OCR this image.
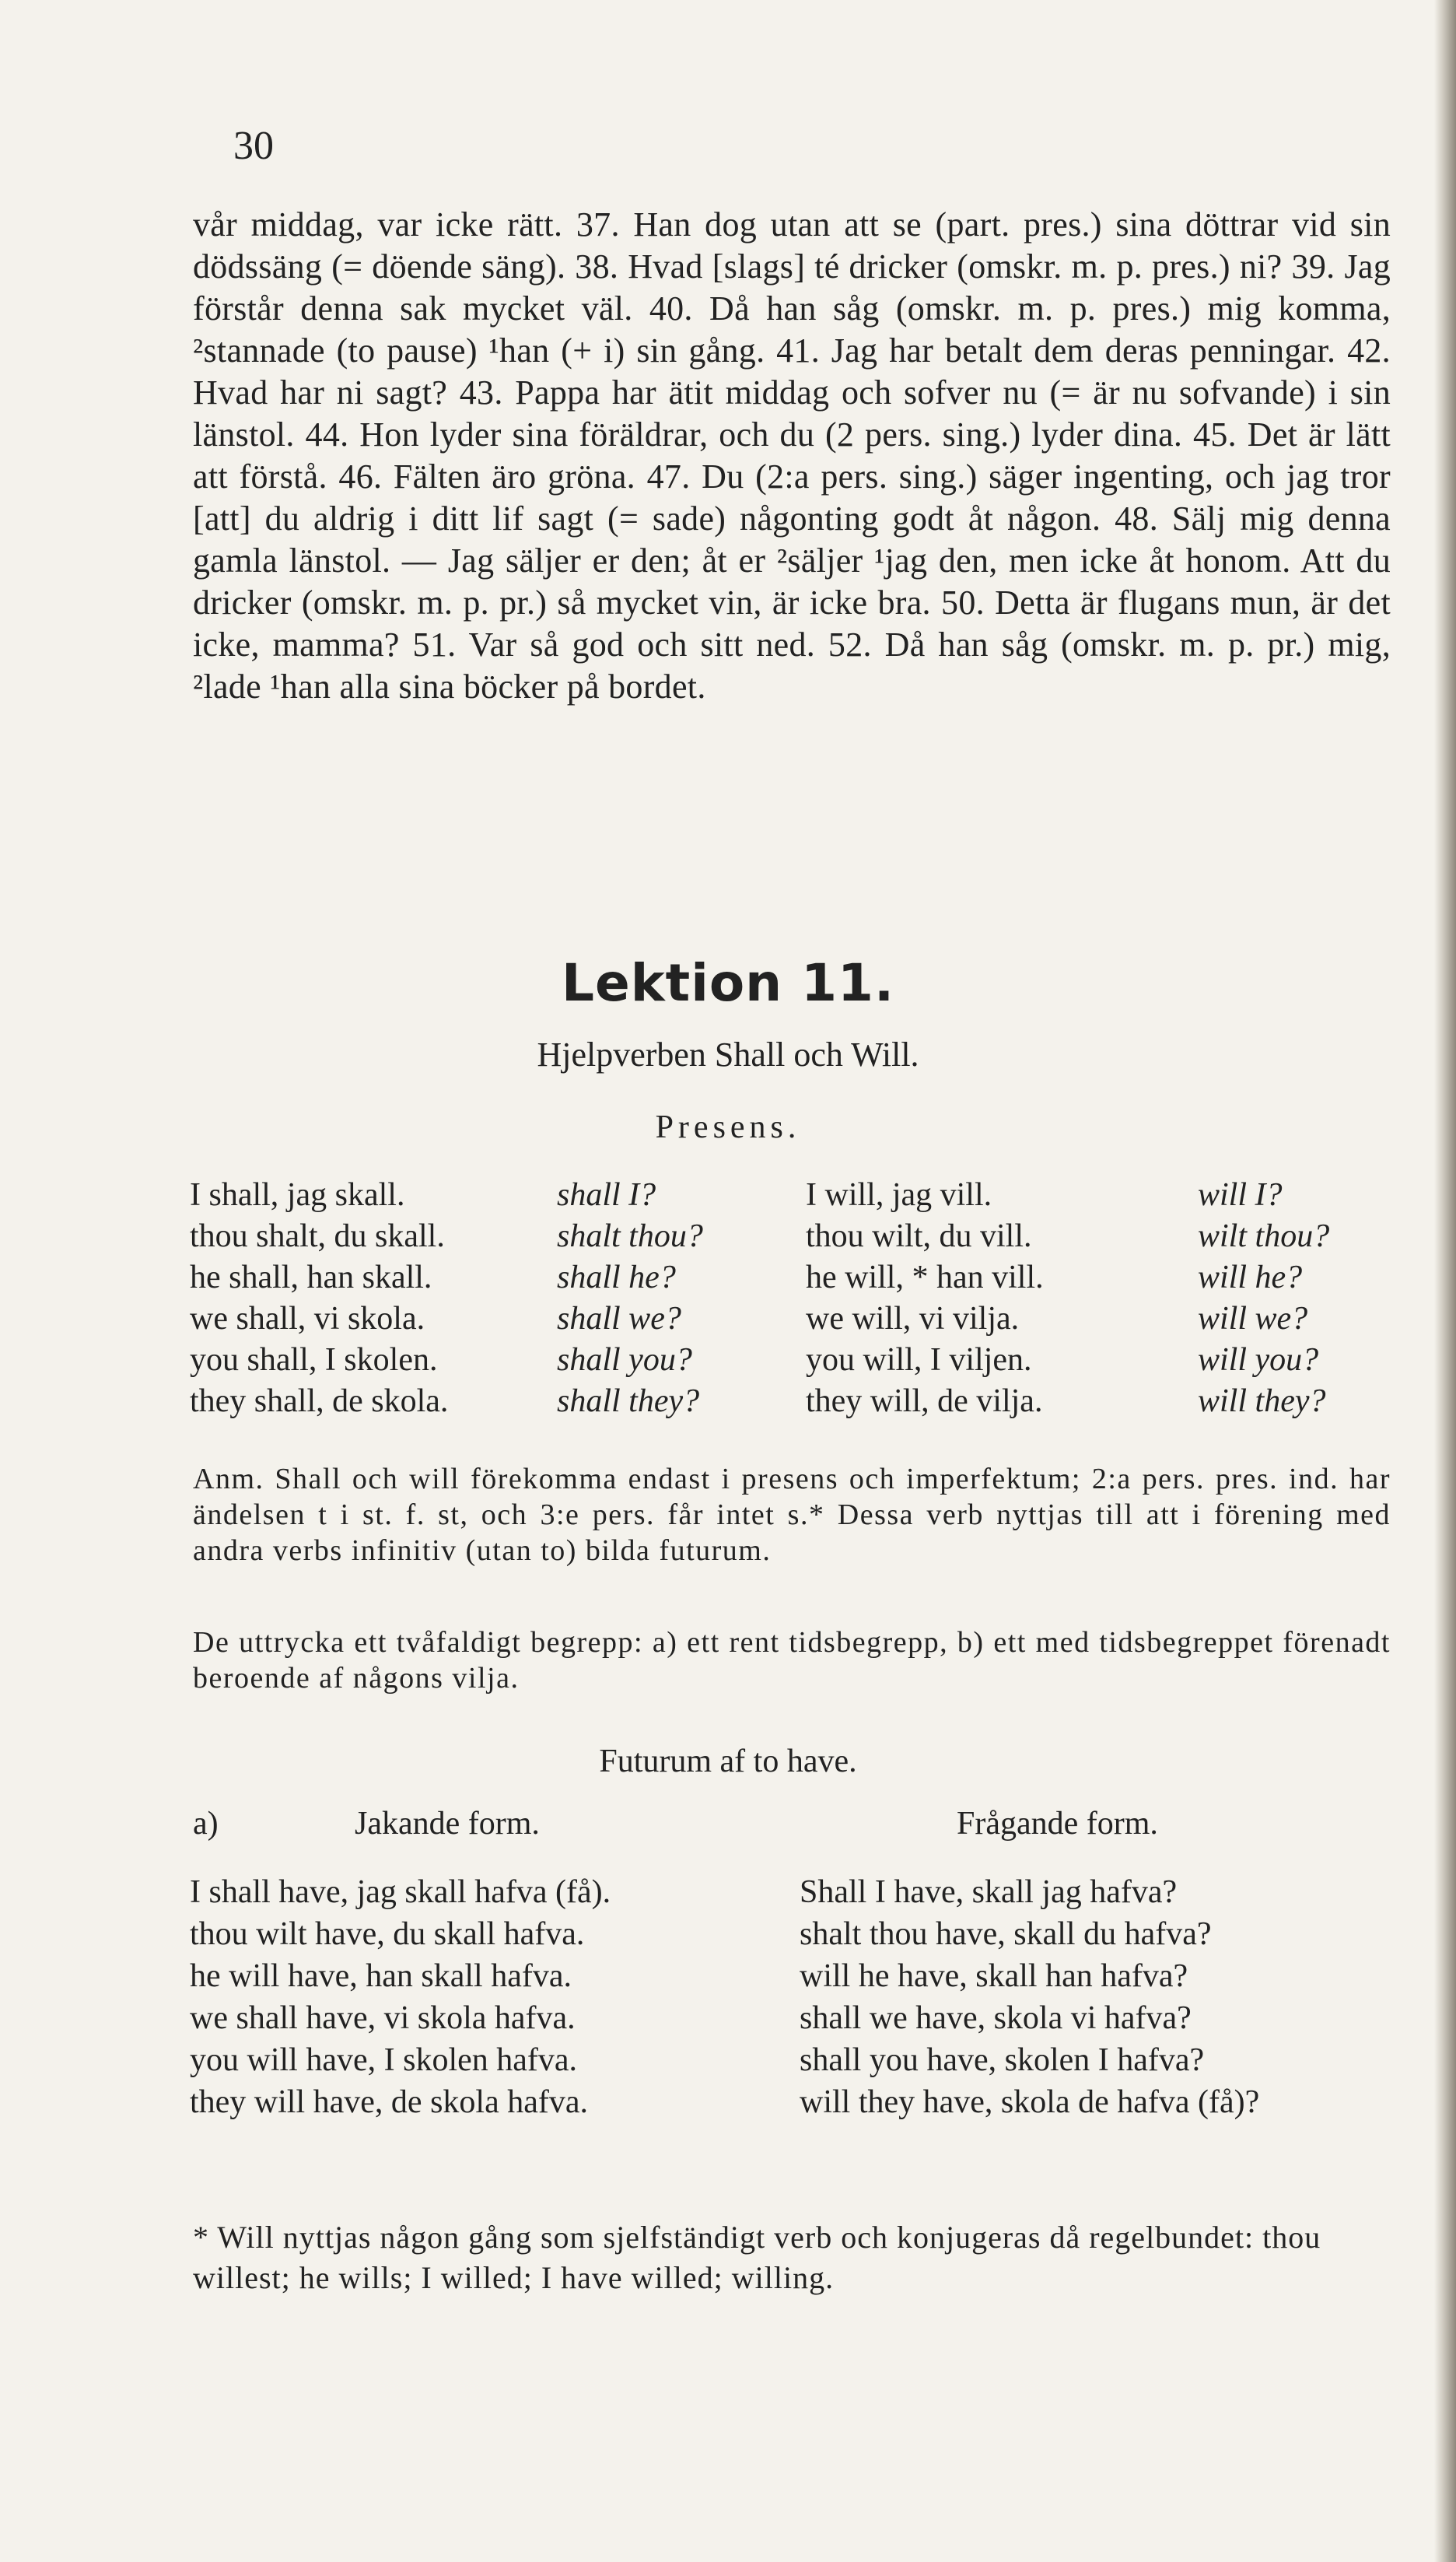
30

vår middag, var icke rätt. 37. Han dog utan att se (part. pres.) sina döttrar vid sin dödssäng (= döende säng). 38. Hvad [slags] té dricker (omskr. m. p. pres.) ni? 39. Jag förstår denna sak mycket väl. 40. Då han såg (omskr. m. p. pres.) mig komma, ²stannade (to pause) ¹han (+ i) sin gång. 41. Jag har betalt dem deras penningar. 42. Hvad har ni sagt? 43. Pappa har ätit middag och sofver nu (= är nu sofvande) i sin länstol. 44. Hon lyder sina föräldrar, och du (2 pers. sing.) lyder dina. 45. Det är lätt att förstå. 46. Fälten äro gröna. 47. Du (2:a pers. sing.) säger ingenting, och jag tror [att] du aldrig i ditt lif sagt (= sade) någonting godt åt någon. 48. Sälj mig denna gamla länstol. — Jag säljer er den; åt er ²säljer ¹jag den, men icke åt honom. Att du dricker (omskr. m. p. pr.) så mycket vin, är icke bra. 50. Detta är flugans mun, är det icke, mamma? 51. Var så god och sitt ned. 52. Då han såg (omskr. m. p. pr.) mig, ²lade ¹han alla sina böcker på bordet.

Lektion 11.
Hjelpverben Shall och Will.
Presens.
I shall, jag skall.
thou shalt, du skall.
he shall, han skall.
we shall, vi skola.
you shall, I skolen.
they shall, de skola.
shall I?
shalt thou?
shall he?
shall we?
shall you?
shall they?
I will, jag vill.
thou wilt, du vill.
he will, * han vill.
we will, vi vilja.
you will, I viljen.
they will, de vilja.
will I?
wilt thou?
will he?
will we?
will you?
will they?

Anm. Shall och will förekomma endast i presens och imperfektum; 2:a pers. pres. ind. har ändelsen t i st. f. st, och 3:e pers. får intet s.* Dessa verb nyttjas till att i förening med andra verbs infinitiv (utan to) bilda futurum.

De uttrycka ett tvåfaldigt begrepp: a) ett rent tidsbegrepp, b) ett med tidsbegreppet förenadt beroende af någons vilja.

Futurum af to have.
a)	Jakande form.	Frågande form.
I shall have, jag skall hafva (få).
thou wilt have, du skall hafva.
he will have, han skall hafva.
we shall have, vi skola hafva.
you will have, I skolen hafva.
they will have, de skola hafva.
Shall I have, skall jag hafva?
shalt thou have, skall du hafva?
will he have, skall han hafva?
shall we have, skola vi hafva?
shall you have, skolen I hafva?
will they have, skola de hafva (få)?

* Will nyttjas någon gång som sjelfständigt verb och konjugeras då regelbundet: thou willest; he wills; I willed; I have willed; willing.
